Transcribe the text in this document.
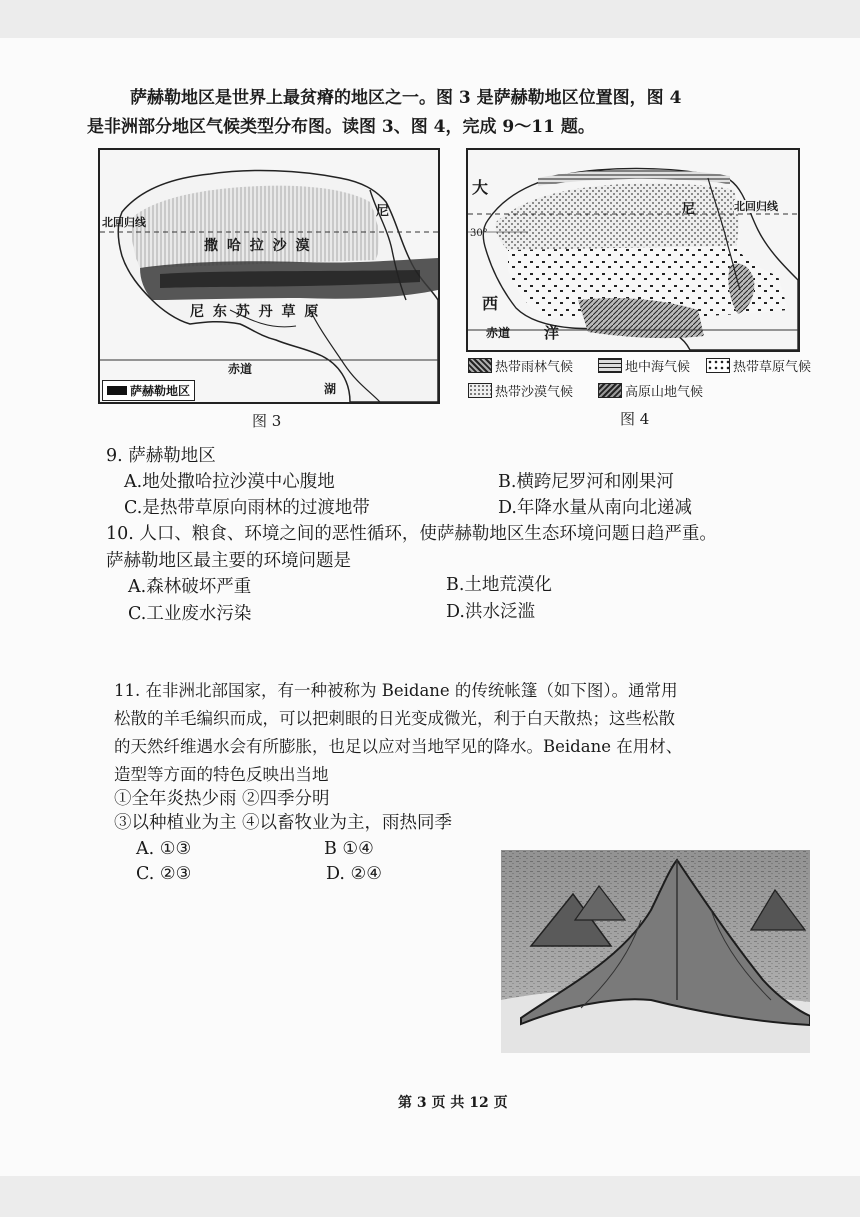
萨赫勒地区是世界上最贫瘠的地区之一。图 3 是萨赫勒地区位置图，图 4
是非洲部分地区气候类型分布图。读图 3、图 4，完成 9～11 题。
北回归线
撒 哈 拉 沙 漠
尼 东 苏 丹 草 原
赤道
尼
湖
萨赫勒地区
图 3
大
30°
北回归线
尼
西
赤道 洋
热带雨林气候	地中海气候	热带草原气候
热带沙漠气候	高原山地气候
图 4
9. 萨赫勒地区
A.地处撒哈拉沙漠中心腹地	B.横跨尼罗河和刚果河
C.是热带草原向雨林的过渡地带	D.年降水量从南向北递减
10. 人口、粮食、环境之间的恶性循环，使萨赫勒地区生态环境问题日趋严重。
萨赫勒地区最主要的环境问题是
A.森林破坏严重	B.土地荒漠化
C.工业废水污染	D.洪水泛滥
11. 在非洲北部国家，有一种被称为 Beidane 的传统帐篷（如下图）。通常用
松散的羊毛编织而成，可以把刺眼的日光变成微光，利于白天散热；这些松散
的天然纤维遇水会有所膨胀，也足以应对当地罕见的降水。Beidane 在用材、
造型等方面的特色反映出当地
①全年炎热少雨 ②四季分明
③以种植业为主 ④以畜牧业为主，雨热同季
A. ①③	B ①④
C. ②③	D. ②④
第 3 页 共 12 页
